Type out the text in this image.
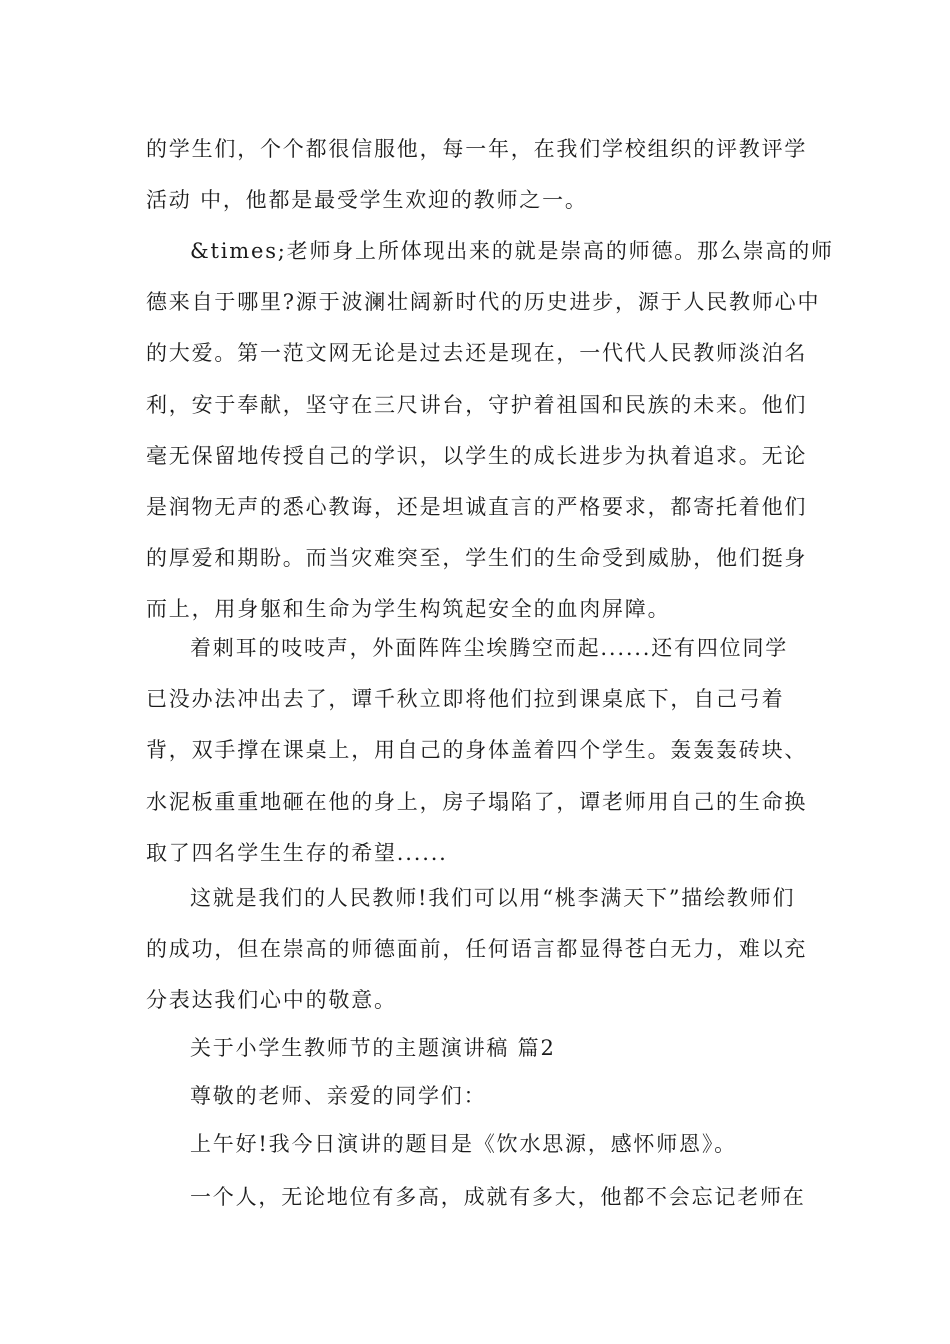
的学生们，个个都很信服他，每一年，在我们学校组织的评教评学
活动 中，他都是最受学生欢迎的教师之一。
&times;老师身上所体现出来的就是崇高的师德。那么崇高的师
德来自于哪里?源于波澜壮阔新时代的历史进步，源于人民教师心中
的大爱。第一范文网无论是过去还是现在，一代代人民教师淡泊名
利，安于奉献，坚守在三尺讲台，守护着祖国和民族的未来。他们
毫无保留地传授自己的学识，以学生的成长进步为执着追求。无论
是润物无声的悉心教诲，还是坦诚直言的严格要求，都寄托着他们
的厚爱和期盼。而当灾难突至，学生们的生命受到威胁，他们挺身
而上，用身躯和生命为学生构筑起安全的血肉屏障。
着刺耳的吱吱声，外面阵阵尘埃腾空而起......还有四位同学
已没办法冲出去了，谭千秋立即将他们拉到课桌底下，自己弓着
背，双手撑在课桌上，用自己的身体盖着四个学生。轰轰轰砖块、
水泥板重重地砸在他的身上，房子塌陷了，谭老师用自己的生命换
取了四名学生生存的希望......
这就是我们的人民教师!我们可以用“桃李满天下”描绘教师们
的成功，但在崇高的师德面前，任何语言都显得苍白无力，难以充
分表达我们心中的敬意。
关于小学生教师节的主题演讲稿 篇2
尊敬的老师、亲爱的同学们：
上午好!我今日演讲的题目是《饮水思源，感怀师恩》。
一个人，无论地位有多高，成就有多大，他都不会忘记老师在
